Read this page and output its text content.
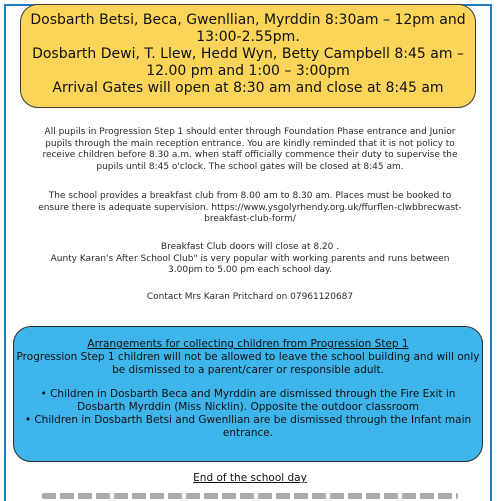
Dosbarth Betsi, Beca, Gwenllian, Myrddin 8:30am – 12pm and

13:00-2.55pm.

Dosbarth Dewi, T. Llew, Hedd Wyn, Betty Campbell 8:45 am –

12.00 pm and 1:00 – 3:00pm

Arrival Gates will open at 8:30 am and close at 8:45 am

All pupils in Progression Step 1 should enter through Foundation Phase entrance and Junior

pupils through the main reception entrance. You are kindly reminded that it is not policy to

receive children before 8.30 a.m. when staff officially commence their duty to supervise the

pupils until 8:45 o'clock. The school gates will be closed at 8:45 am.

The school provides a breakfast club from 8.00 am to 8.30 am. Places must be booked to

ensure there is adequate supervision. https://www.ysgolyrhendy.org.uk/ffurflen-clwbbrecwast-

breakfast-club-form/

Breakfast Club doors will close at 8.20 .

Aunty Karan's After School Club" is very popular with working parents and runs between

3.00pm to 5.00 pm each school day.

Contact Mrs Karan Pritchard on 07961120687

Arrangements for collecting children from Progression Step 1

Progression Step 1 children will not be allowed to leave the school building and will only

be dismissed to a parent/carer or responsible adult.

• Children in Dosbarth Beca and Myrddin are dismissed through the Fire Exit in

Dosbarth Myrddin (Miss Nicklin). Opposite the outdoor classroom

• Children in Dosbarth Betsi and Gwenllian are be dismissed through the Infant main

entrance.

End of the school day
